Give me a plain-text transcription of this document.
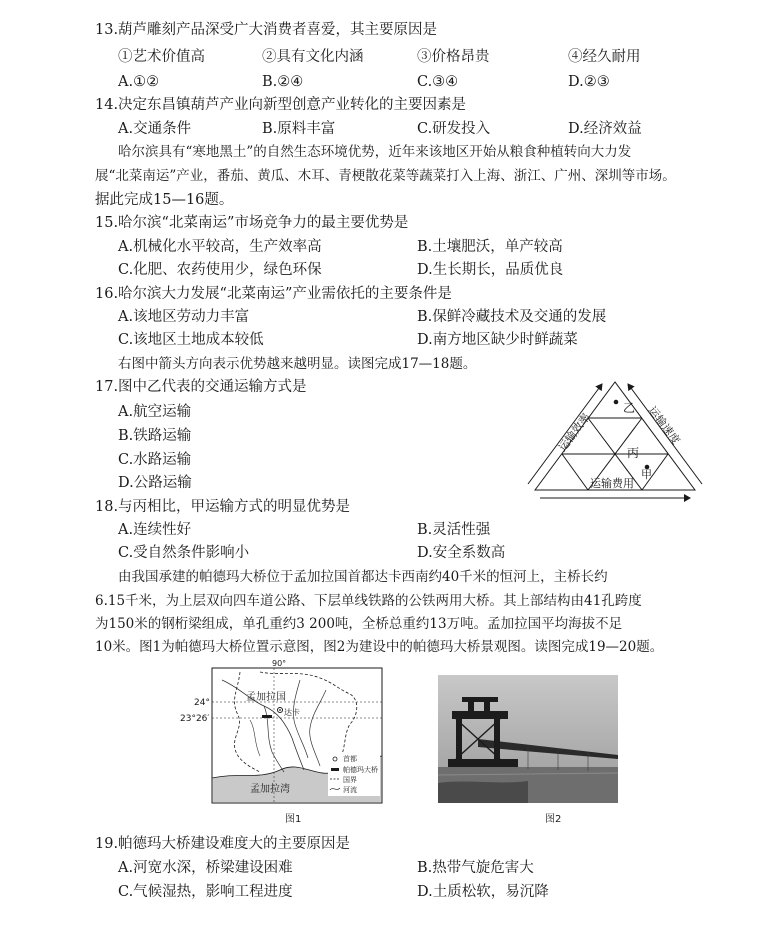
13.葫芦雕刻产品深受广大消费者喜爱，其主要原因是
①艺术价值高	②具有文化内涵	③价格昂贵	④经久耐用
A.①②	B.②④	C.③④	D.②③
14.决定东昌镇葫芦产业向新型创意产业转化的主要因素是
A.交通条件	B.原料丰富	C.研发投入	D.经济效益
哈尔滨具有“寒地黑土”的自然生态环境优势，近年来该地区开始从粮食种植转向大力发
展“北菜南运”产业，番茄、黄瓜、木耳、青梗散花菜等蔬菜打入上海、浙江、广州、深圳等市场。
据此完成15—16题。
15.哈尔滨“北菜南运”市场竞争力的最主要优势是
A.机械化水平较高，生产效率高	B.土壤肥沃，单产较高
C.化肥、农药使用少，绿色环保	D.生长期长，品质优良
16.哈尔滨大力发展“北菜南运”产业需依托的主要条件是
A.该地区劳动力丰富	B.保鲜冷藏技术及交通的发展
C.该地区土地成本较低	D.南方地区缺少时鲜蔬菜
右图中箭头方向表示优势越来越明显。读图完成17—18题。
17.图中乙代表的交通运输方式是
A.航空运输
B.铁路运输
C.水路运输
D.公路运输
乙
丙
甲
运输效率	运输速度
运输费用
18.与丙相比，甲运输方式的明显优势是
A.连续性好	B.灵活性强
C.受自然条件影响小	D.安全系数高
由我国承建的帕德玛大桥位于孟加拉国首都达卡西南约40千米的恒河上，主桥长约
6.15千米，为上层双向四车道公路、下层单线铁路的公铁两用大桥。其上部结构由41孔跨度
为150米的钢桁梁组成，单孔重约3 200吨，全桥总重约13万吨。孟加拉国平均海拔不足
10米。图1为帕德玛大桥位置示意图，图2为建设中的帕德玛大桥景观图。读图完成19—20题。
90°
24°
23°26′
孟加拉国
达卡
孟加拉湾
首都
帕德玛大桥
国界
河流
图1	图2
19.帕德玛大桥建设难度大的主要原因是
A.河宽水深，桥梁建设困难	B.热带气旋危害大
C.气候湿热，影响工程进度	D.土质松软，易沉降
